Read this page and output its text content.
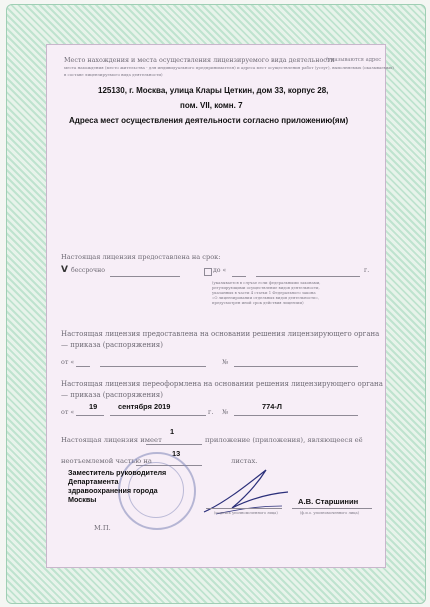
Место нахождения и места осуществления лицензируемого вида деятельности
(указываются адрес
места нахождения (место жительства - для индивидуального предпринимателя) и адреса мест осуществления работ (услуг), выполняемых (оказываемых)
в составе лицензируемого вида деятельности)
125130, г. Москва, улица Клары Цеткин, дом 33, корпус 28,
пом. VII, комн. 7
Адреса мест осуществления деятельности согласно приложению(ям)
Настоящая лицензия предоставлена на срок:
V бессрочно	до «	г.
(указывается в случае если федеральными законами,
регулирующими осуществление видов деятельности,
указанных в части 4 статьи 1 Федерального закона
«О лицензировании отдельных видов деятельности»,
предусмотрен иной срок действия лицензии)
Настоящая лицензия предоставлена на основании решения лицензирующего органа
— приказа (распоряжения)
от «	№
Настоящая лицензия переоформлена на основании решения лицензирующего органа
— приказа (распоряжения)
от «
19	сентября 2019
г. №
774-Л
1
Настоящая лицензия имеет	приложение (приложения), являющееся её
13
неотъемлемой частью на	листах.
Заместитель руководителя
Департамента
здравоохранения города
Москвы
(подпись уполномоченного лица)
А.В. Старшинин
(ф.и.о. уполномоченного лица)
М.П.
